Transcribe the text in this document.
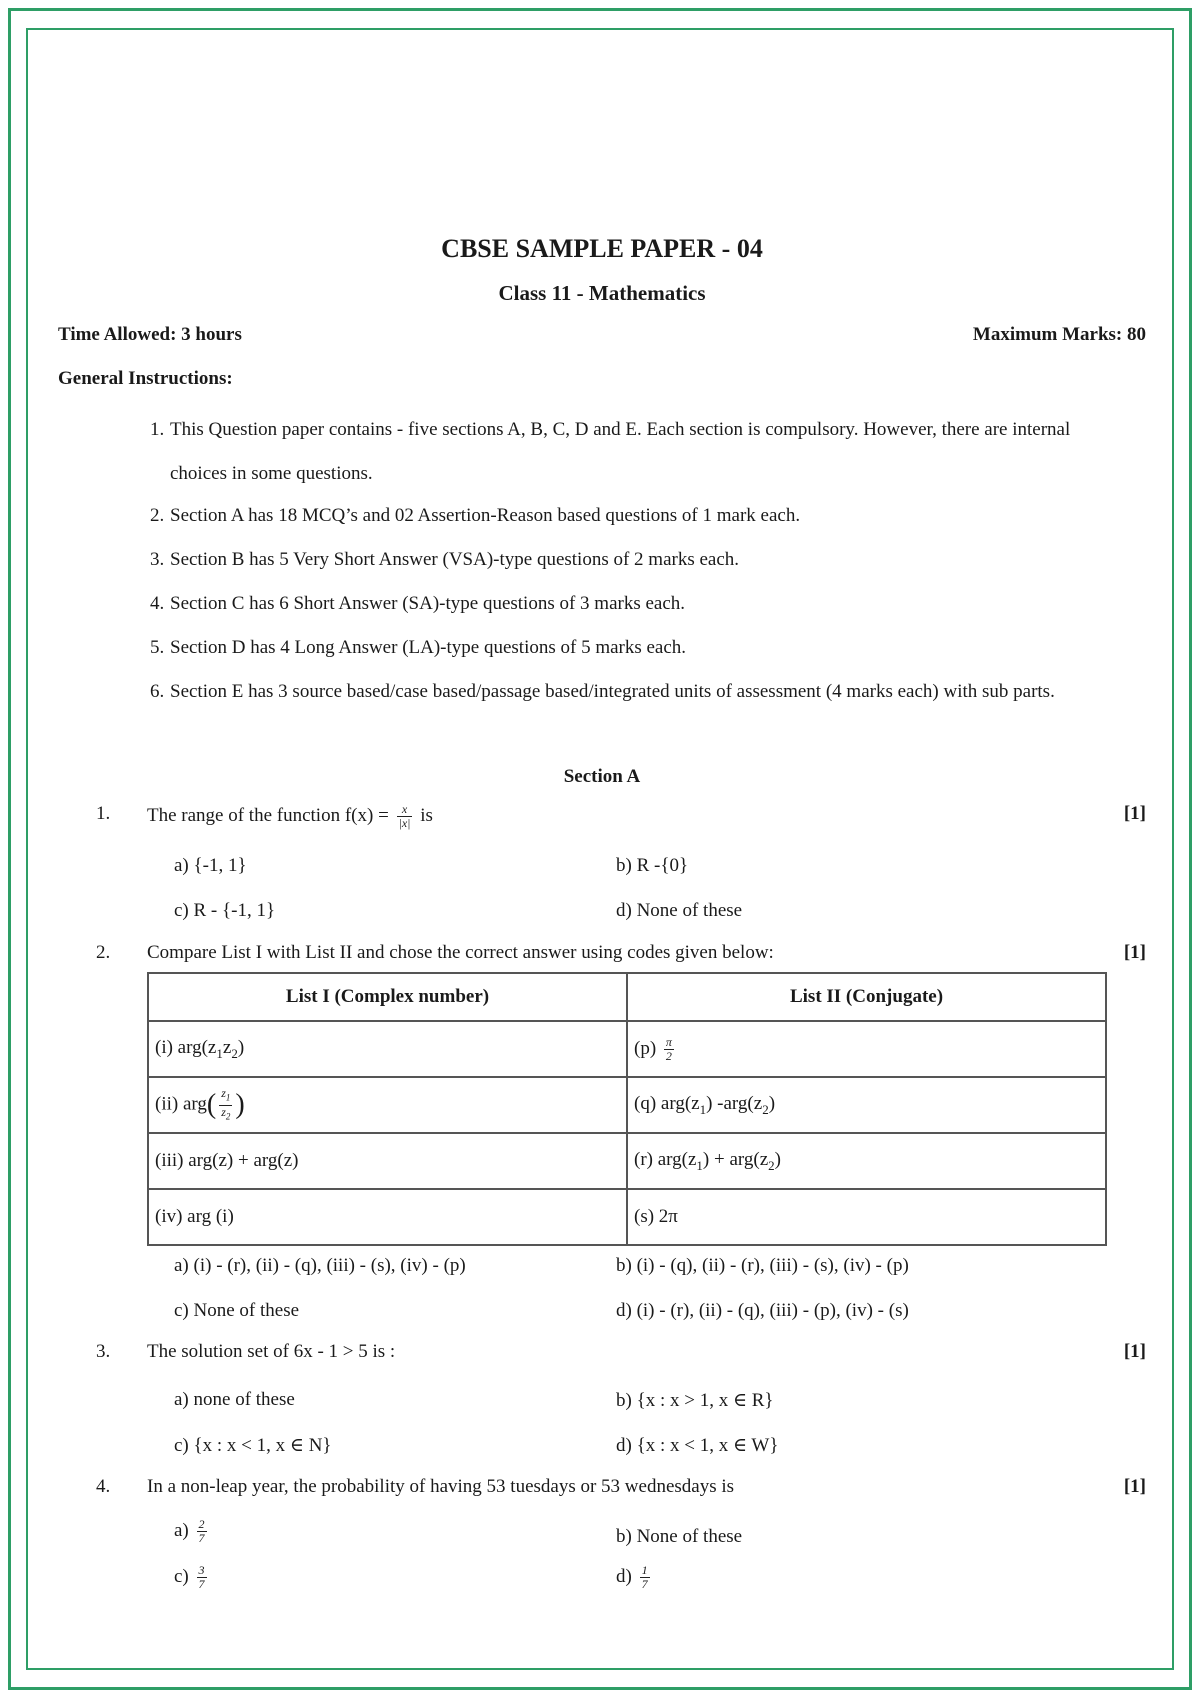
CBSE SAMPLE PAPER - 04
Class 11 - Mathematics
Time Allowed: 3 hours	Maximum Marks: 80
General Instructions:
1. This Question paper contains - five sections A, B, C, D and E. Each section is compulsory. However, there are internal choices in some questions.
2. Section A has 18 MCQ’s and 02 Assertion-Reason based questions of 1 mark each.
3. Section B has 5 Very Short Answer (VSA)-type questions of 2 marks each.
4. Section C has 6 Short Answer (SA)-type questions of 3 marks each.
5. Section D has 4 Long Answer (LA)-type questions of 5 marks each.
6. Section E has 3 source based/case based/passage based/integrated units of assessment (4 marks each) with sub parts.
Section A
1. The range of the function $f(x) = \frac{x}{|x|}$ is	[1]
a) {-1, 1}	b) R -{0}
c) R - {-1, 1}	d) None of these
2. Compare List I with List II and chose the correct answer using codes given below:	[1]
List I (Complex number)	List II (Conjugate)
(i) $arg(z_1z_2)$	$(p) \frac{\pi}{2}$

(ii) $arg( \frac{z_1}{z_2}$ )	(q) $arg(z_1)$ $-arg(z_2)$
(iii) arg(z) + arg(z)	(r) $arg(z_1) + arg(z_2)$
(iv) arg (i)	(s) 2π
a) (i) - (r), (ii) - (q), (iii) - (s), (iv) - (p)	b) (i) - (q), (ii) - (r), (iii) - (s), (iv) - (p)
c) None of these	d) (i) - (r), (ii) - (q), (iii) - (p), (iv) - (s)
3. The solution set of 6x - 1 > 5 is :	[1]
a) none of these	b) {x : x > 1, x ∈ R}
c) {x : x < 1, x ∈ N}	d) {x : x < 1, x ∈ W}
4. In a non-leap year, the probability of having 53 tuesdays or 53 wednesdays is	[1]
$a) \frac{2}{7}$	b) None of these
$c) \frac{3}{7}$	$d) \frac{1}{7}$
